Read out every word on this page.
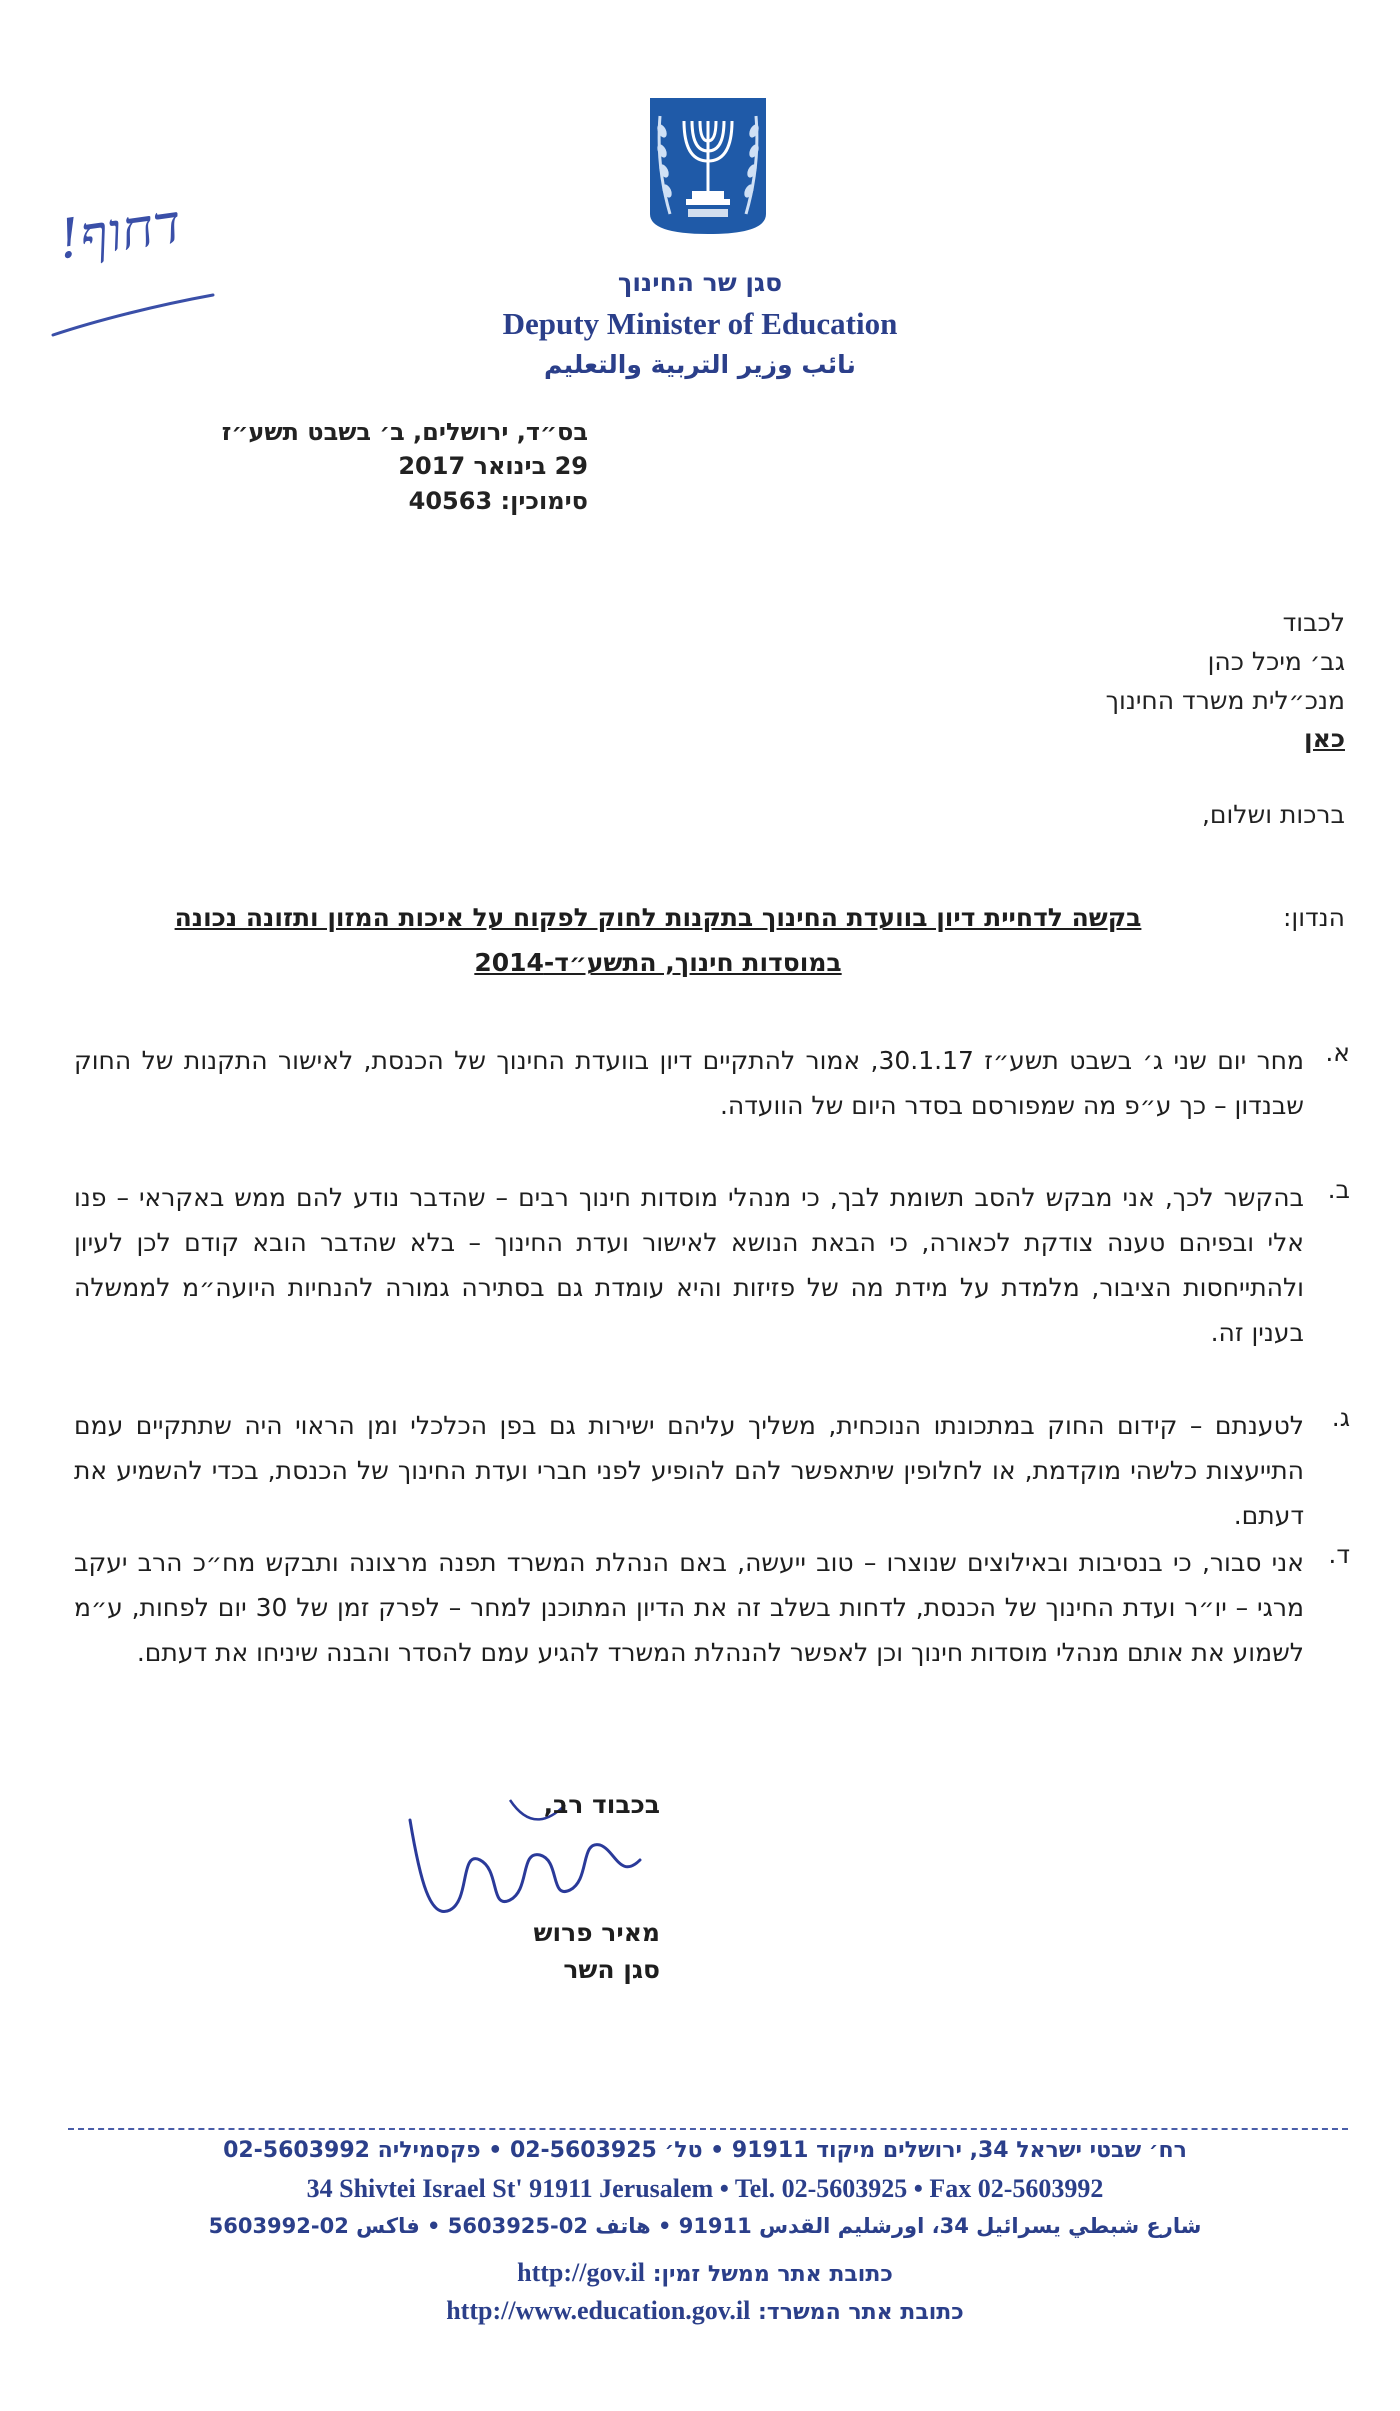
דחוף!
סגן שר החינוך
Deputy Minister of Education
نائب وزير التربية والتعليم
בס״ד, ירושלים, ב׳ בשבט תשע״ז
29 בינואר 2017
סימוכין: 40563
לכבוד
גב׳ מיכל כהן
מנכ״לית משרד החינוך
כאן
ברכות ושלום,
הנדון:
בקשה לדחיית דיון בוועדת החינוך בתקנות לחוק לפקוח על איכות המזון ותזונה נכונה
במוסדות חינוך, התשע״ד-2014
א.
מחר יום שני ג׳ בשבט תשע״ז 30.1.17, אמור להתקיים דיון בוועדת החינוך של הכנסת, לאישור התקנות של החוק שבנדון – כך ע״פ מה שמפורסם בסדר היום של הוועדה.
ב.
בהקשר לכך, אני מבקש להסב תשומת לבך, כי מנהלי מוסדות חינוך רבים – שהדבר נודע להם ממש באקראי – פנו אלי ובפיהם טענה צודקת לכאורה, כי הבאת הנושא לאישור ועדת החינוך – בלא שהדבר הובא קודם לכן לעיון ולהתייחסות הציבור, מלמדת על מידת מה של פזיזות והיא עומדת גם בסתירה גמורה להנחיות היועה״מ לממשלה בענין זה.
ג.
לטענתם – קידום החוק במתכונתו הנוכחית, משליך עליהם ישירות גם בפן הכלכלי ומן הראוי היה שתתקיים עמם התייעצות כלשהי מוקדמת, או לחלופין שיתאפשר להם להופיע לפני חברי ועדת החינוך של הכנסת, בכדי להשמיע את דעתם.
ד.
אני סבור, כי בנסיבות ובאילוצים שנוצרו – טוב ייעשה, באם הנהלת המשרד תפנה מרצונה ותבקש מח״כ הרב יעקב מרגי – יו״ר ועדת החינוך של הכנסת, לדחות בשלב זה את הדיון המתוכנן למחר – לפרק זמן של 30 יום לפחות, ע״מ לשמוע את אותם מנהלי מוסדות חינוך וכן לאפשר להנהלת המשרד להגיע עמם להסדר והבנה שיניחו את דעתם.
בכבוד רב,
מאיר פרוש
סגן השר
רח׳ שבטי ישראל 34, ירושלים מיקוד 91911 • טל׳ 02-5603925 • פקסמיליה 02-5603992
34 Shivtei Israel St' 91911 Jerusalem • Tel. 02-5603925 • Fax 02-5603992
شارع شبطي يسرائيل 34، اورشليم القدس 91911 • هاتف 02-5603925 • فاكس 02-5603992
כתובת אתר ממשל זמין: http://gov.il
כתובת אתר המשרד: http://www.education.gov.il
